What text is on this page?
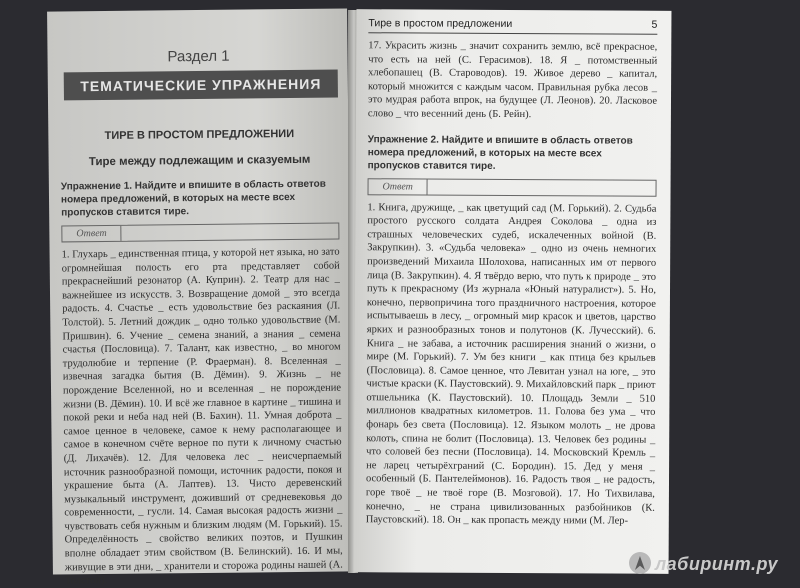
Раздел 1
ТЕМАТИЧЕСКИЕ УПРАЖНЕНИЯ
ТИРЕ В ПРОСТОМ ПРЕДЛОЖЕНИИ
Тире между подлежащим и сказуемым
Упражнение 1. Найдите и впишите в область ответов номера предложений, в которых на месте всех пропусков ставится тире.
Ответ
1. Глухарь _ единственная птица, у которой нет языка, но зато огромнейшая полость его рта представляет собой прекраснейший резонатор (А. Куприн). 2. Театр для нас _ важнейшее из искусств. 3. Возвращение домой _ это всегда радость. 4. Счастье _ есть удовольствие без раскаяния (Л. Толстой). 5. Летний дождик _ одно только удовольствие (М. Пришвин). 6. Учение _ семена знаний, а знания _ семена счастья (Пословица). 7. Талант, как известно, _ во многом трудолюбие и терпение (Р. Фраерман). 8. Вселенная _ извечная загадка бытия (В. Дёмин). 9. Жизнь _ не порождение Вселенной, но и вселенная _ не порождение жизни (В. Дёмин). 10. И всё же главное в картине _ тишина и покой реки и неба над ней (В. Бахин). 11. Умная доброта _ самое ценное в человеке, самое к нему располагающее и самое в конечном счёте верное по пути к личному счастью (Д. Лихачёв). 12. Для человека лес _ неисчерпаемый источник разнообразной помощи, источник радости, покоя и украшение быта (А. Лаптев). 13. Чисто деревенский музыкальный инструмент, доживший от средневековья до современности, _ гусли. 14. Самая высокая радость жизни _ чувствовать себя нужным и близким людям (М. Горький). 15. Определённость _ свойство великих поэтов, и Пушкин вполне обладает этим свойством (В. Белинский). 16. И мы, живущие в эти дни, _ хранители и сторожа родины нашей (А. Толстой).
Тире в простом предложении	5
17. Украсить жизнь _ значит сохранить землю, всё прекрасное, что есть на ней (С. Герасимов). 18. Я _ потомственный хлебопашец (В. Староводов). 19. Живое дерево _ капитал, который множится с каждым часом. Правильная рубка лесов _ это мудрая работа впрок, на будущее (Л. Леонов). 20. Ласковое слово _ что весенний день (Б. Рейн).
Упражнение 2. Найдите и впишите в область ответов номера предложений, в которых на месте всех пропусков ставится тире.
Ответ
1. Книга, дружище, _ как цветущий сад (М. Горький). 2. Судьба простого русского солдата Андрея Соколова _ одна из страшных человеческих судеб, искалеченных войной (В. Закрупкин). 3. «Судьба человека» _ одно из очень немногих произведений Михаила Шолохова, написанных им от первого лица (В. Закрупкин). 4. Я твёрдо верю, что путь к природе _ это путь к прекрасному (Из журнала «Юный натуралист»). 5. Но, конечно, первопричина того праздничного настроения, которое испытываешь в лесу, _ огромный мир красок и цветов, царство ярких и разнообразных тонов и полутонов (К. Лучесский). 6. Книга _ не забава, а источник расширения знаний о жизни, о мире (М. Горький). 7. Ум без книги _ как птица без крыльев (Пословица). 8. Самое ценное, что Левитан узнал на юге, _ это чистые краски (К. Паустовский). 9. Михайловский парк _ приют отшельника (К. Паустовский). 10. Площадь Земли _ 510 миллионов квадратных километров. 11. Голова без ума _ что фонарь без света (Пословица). 12. Языком молоть _ не дрова колоть, спина не болит (Пословица). 13. Человек без родины _ что соловей без песни (Пословица). 14. Московский Кремль _ не ларец четырёхграний (С. Бородин). 15. Дед у меня _ особенный (Б. Пантелеймонов). 16. Радость твоя _ не радость, горе твоё _ не твоё горе (В. Мозговой). 17. Но Тихвилава, конечно, _ не страна цивилизованных разбойников (К. Паустовский). 18. Он _ как пропасть между ними (М. Лер-
лабиринт.ру
